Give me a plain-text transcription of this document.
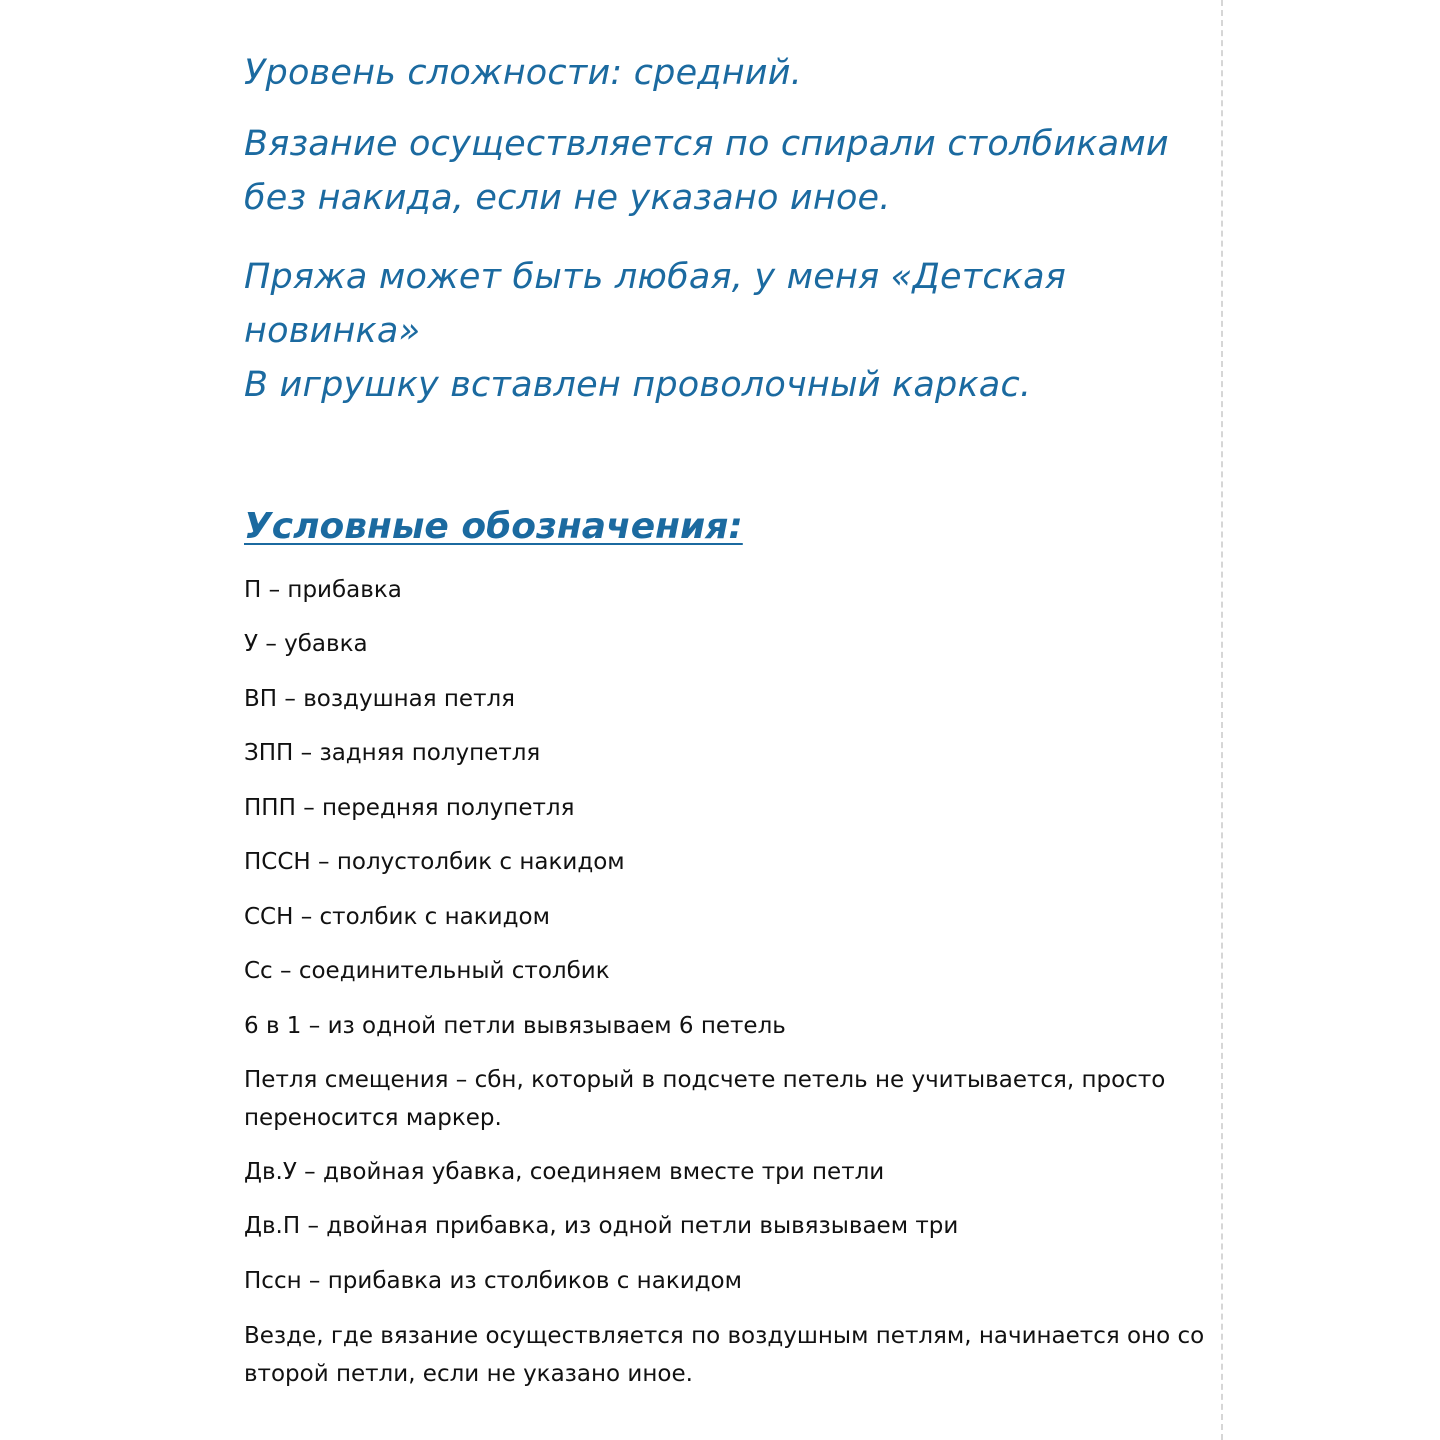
Уровень сложности: средний.

Вязание осуществляется по спирали столбиками
без накида, если не указано иное.

Пряжа может быть любая, у меня «Детская
новинка»
В игрушку вставлен проволочный каркас.

Условные обозначения:

П – прибавка

У – убавка

ВП – воздушная петля

ЗПП – задняя полупетля

ППП – передняя полупетля

ПССН – полустолбик с накидом

ССН – столбик с накидом

Сс – соединительный столбик

6 в 1 – из одной петли вывязываем 6 петель

Петля смещения – сбн, который в подсчете петель не учитывается, просто
переносится маркер.

Дв.У – двойная убавка, соединяем вместе три петли

Дв.П – двойная прибавка, из одной петли вывязываем три

Пссн – прибавка из столбиков с накидом

Везде, где вязание осуществляется по воздушным петлям, начинается оно со
второй петли, если не указано иное.
